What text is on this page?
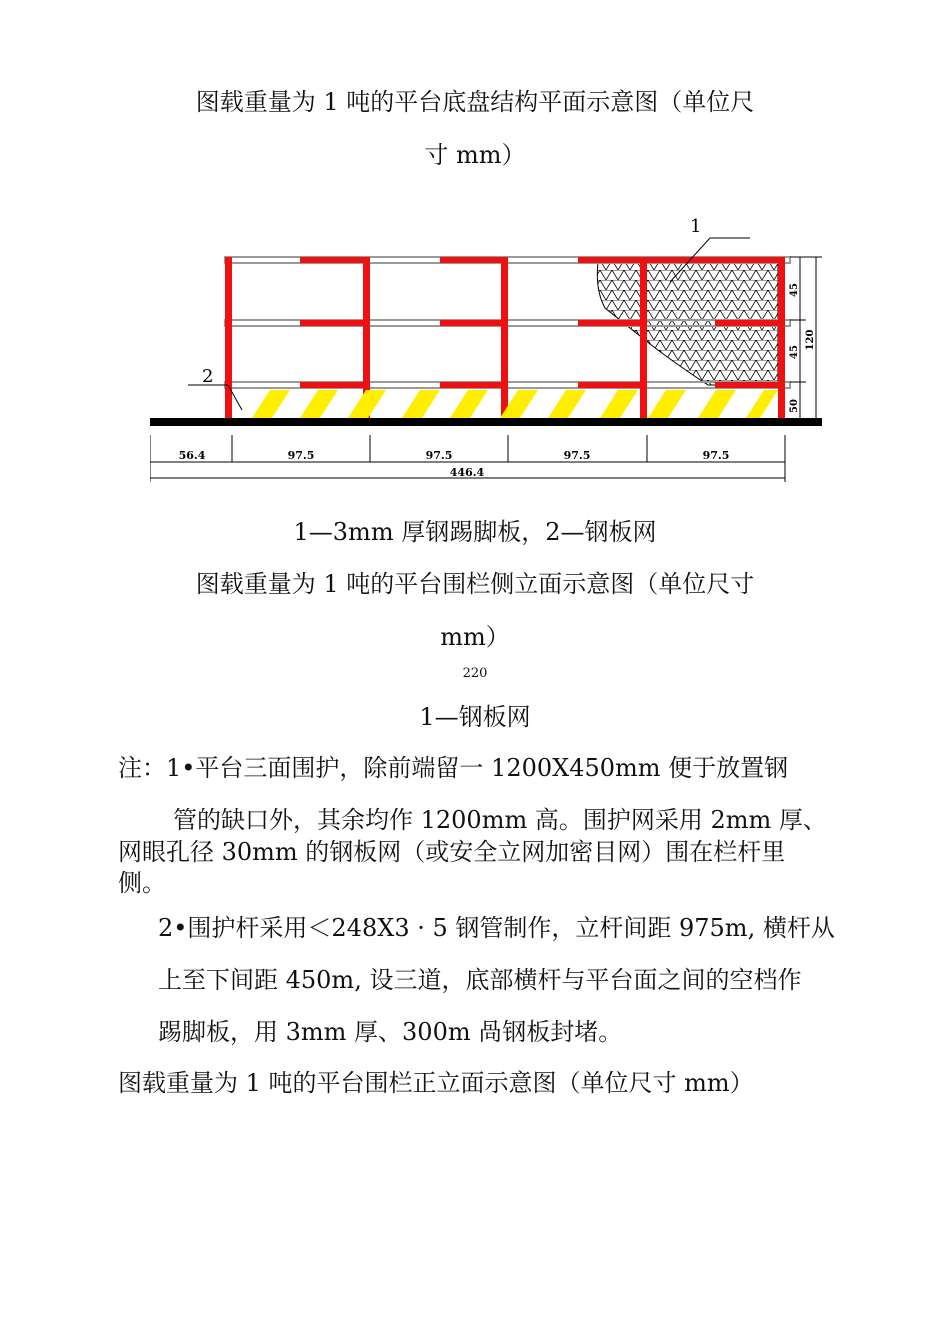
图载重量为 1 吨的平台底盘结构平面示意图（单位尺
寸 mm）
1
2
56.4	97.5	97.5	97.5	97.5
446.4
45
45
50
120
1—3mm 厚钢踢脚板，2—钢板网
图载重量为 1 吨的平台围栏侧立面示意图（单位尺寸
mm）
220
1—钢板网
注：1•平台三面围护，除前端留一 1200X450mm 便于放置钢
管的缺口外，其余均作 1200mm 高。围护网采用 2mm 厚、
网眼孔径 30mm 的钢板网（或安全立网加密目网）围在栏杆里
侧。
2•围护杆采用＜248X3 · 5 钢管制作，立杆间距 975m, 横杆从
上至下间距 450m, 设三道，底部横杆与平台面之间的空档作
踢脚板，用 3mm 厚、300m 咼钢板封堵。
图载重量为 1 吨的平台围栏正立面示意图（单位尺寸 mm）
